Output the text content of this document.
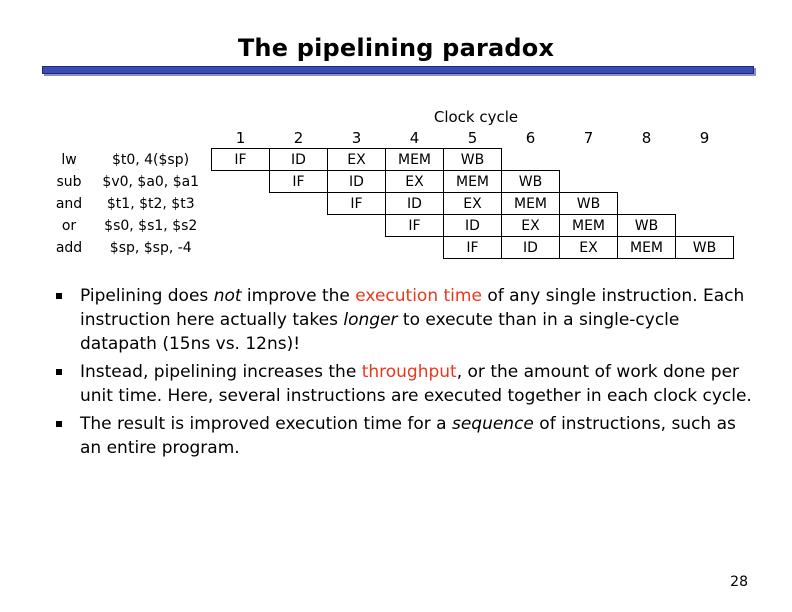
The pipelining paradox
Clock cycle
		1	2	3	4	5	6	7	8	9
lw	$t0, 4($sp)	IF	ID	EX	MEM	WB				
sub	$v0, $a0, $a1		IF	ID	EX	MEM	WB			
and	$t1, $t2, $t3			IF	ID	EX	MEM	WB		
or	$s0, $s1, $s2				IF	ID	EX	MEM	WB	
add	$sp, $sp, -4					IF	ID	EX	MEM	WB
Pipelining does not improve the execution time of any single instruction. Each instruction here actually takes longer to execute than in a single-cycle datapath (15ns vs. 12ns)!
Instead, pipelining increases the throughput, or the amount of work done per unit time. Here, several instructions are executed together in each clock cycle.
The result is improved execution time for a sequence of instructions, such as an entire program.
28
